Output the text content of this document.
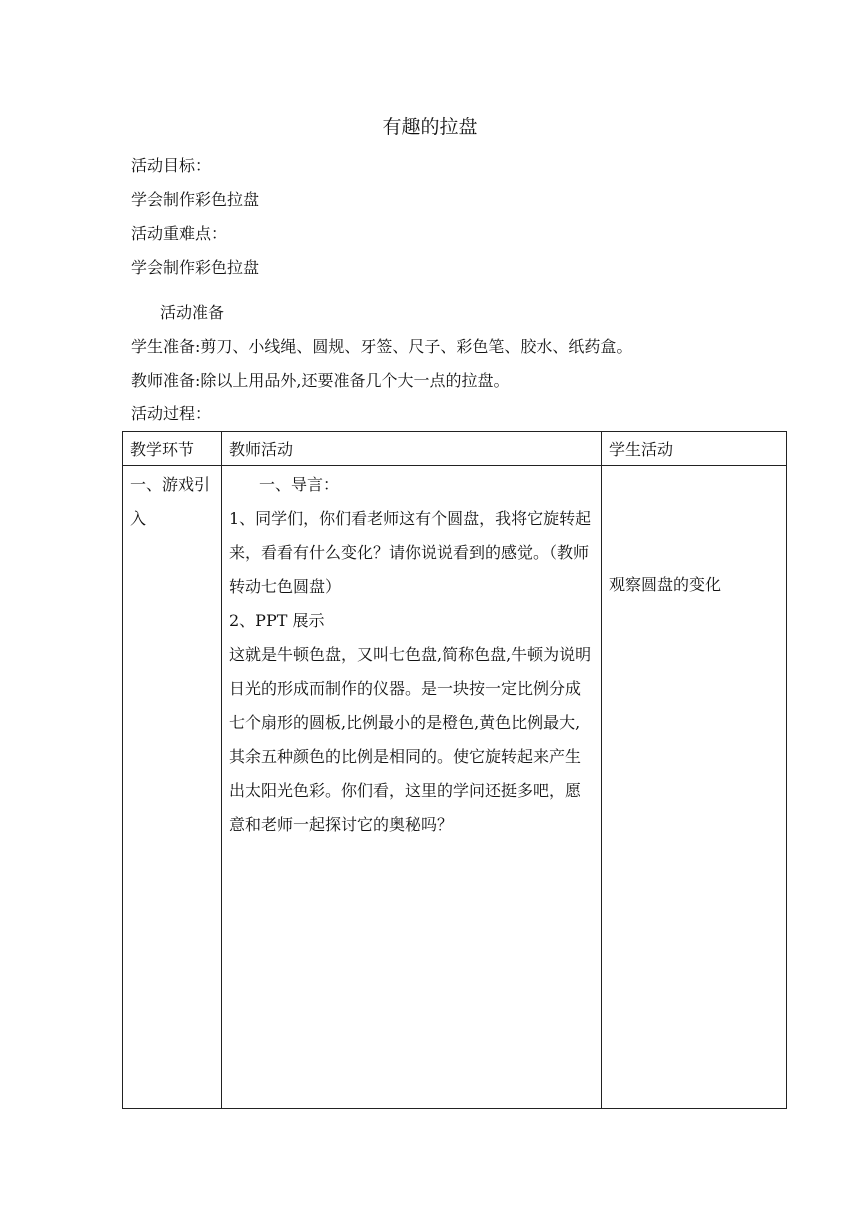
有趣的拉盘
活动目标：
学会制作彩色拉盘
活动重难点：
学会制作彩色拉盘
活动准备
学生准备:剪刀、小线绳、圆规、牙签、尺子、彩色笔、胶水、纸药盒。
教师准备:除以上用品外,还要准备几个大一点的拉盘。
活动过程：
教学环节	教师活动	学生活动

一、游戏引入	一、导言：
1、同学们，你们看老师这有个圆盘，我将它旋转起来，看看有什么变化？请你说说看到的感觉。（教师转动七色圆盘）
2、PPT 展示
这就是牛顿色盘，又叫七色盘,简称色盘,牛顿为说明日光的形成而制作的仪器。是一块按一定比例分成七个扇形的圆板,比例最小的是橙色,黄色比例最大,其余五种颜色的比例是相同的。使它旋转起来产生出太阳光色彩。你们看，这里的学问还挺多吧，愿意和老师一起探讨它的奥秘吗？	观察圆盘的变化
